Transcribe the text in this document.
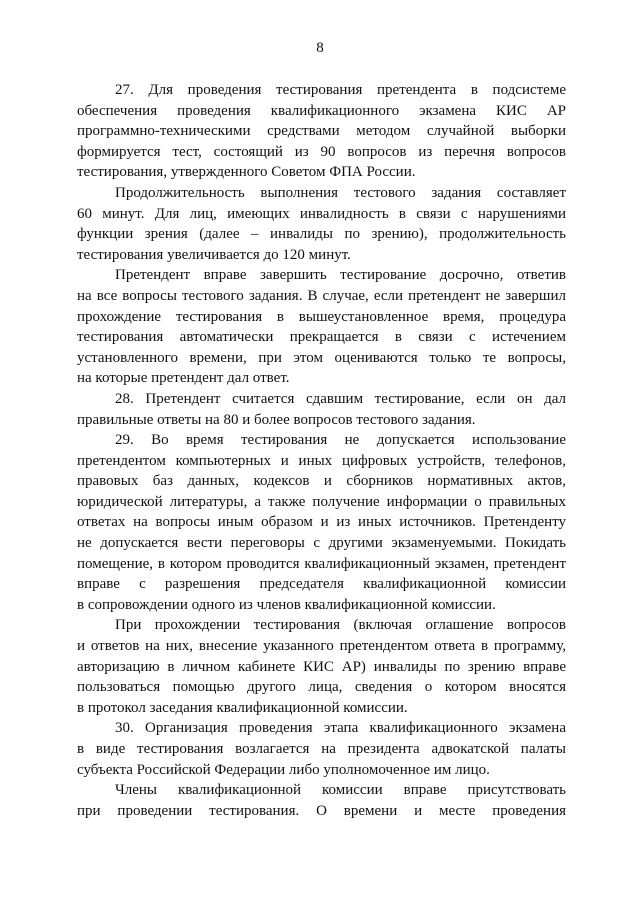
8

27. Для проведения тестирования претендента в подсистеме
обеспечения проведения квалификационного экзамена КИС АР
программно-техническими средствами методом случайной выборки
формируется тест, состоящий из 90 вопросов из перечня вопросов
тестирования, утвержденного Советом ФПА России.

Продолжительность выполнения тестового задания составляет
60 минут. Для лиц, имеющих инвалидность в связи с нарушениями
функции зрения (далее – инвалиды по зрению), продолжительность
тестирования увеличивается до 120 минут.

Претендент вправе завершить тестирование досрочно, ответив
на все вопросы тестового задания. В случае, если претендент не завершил
прохождение тестирования в вышеустановленное время, процедура
тестирования автоматически прекращается в связи с истечением
установленного времени, при этом оцениваются только те вопросы,
на которые претендент дал ответ.

28. Претендент считается сдавшим тестирование, если он дал
правильные ответы на 80 и более вопросов тестового задания.

29. Во время тестирования не допускается использование
претендентом компьютерных и иных цифровых устройств, телефонов,
правовых баз данных, кодексов и сборников нормативных актов,
юридической литературы, а также получение информации о правильных
ответах на вопросы иным образом и из иных источников. Претенденту
не допускается вести переговоры с другими экзаменуемыми. Покидать
помещение, в котором проводится квалификационный экзамен, претендент
вправе с разрешения председателя квалификационной комиссии
в сопровождении одного из членов квалификационной комиссии.

При прохождении тестирования (включая оглашение вопросов
и ответов на них, внесение указанного претендентом ответа в программу,
авторизацию в личном кабинете КИС АР) инвалиды по зрению вправе
пользоваться помощью другого лица, сведения о котором вносятся
в протокол заседания квалификационной комиссии.

30. Организация проведения этапа квалификационного экзамена
в виде тестирования возлагается на президента адвокатской палаты
субъекта Российской Федерации либо уполномоченное им лицо.

Члены квалификационной комиссии вправе присутствовать
при проведении тестирования. О времени и месте проведения
